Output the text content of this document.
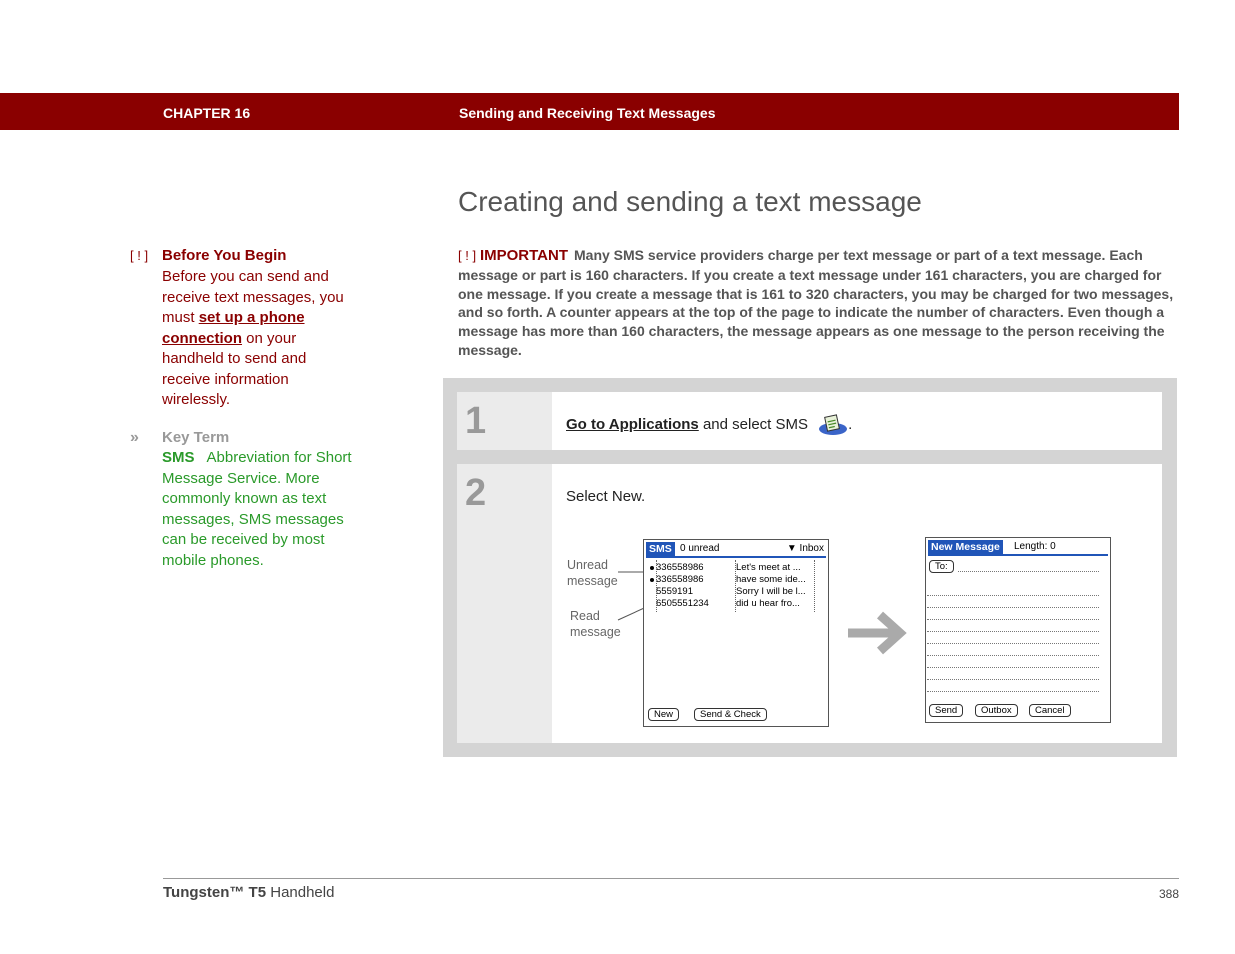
CHAPTER 16	Sending and Receiving Text Messages
Creating and sending a text message
[ ! ] Before You Begin
Before you can send and receive text messages, you must set up a phone connection on your handheld to send and receive information wirelessly.
» Key Term
SMS Abbreviation for Short Message Service. More commonly known as text messages, SMS messages can be received by most mobile phones.
[ ! ] IMPORTANT Many SMS service providers charge per text message or part of a text message. Each message or part is 160 characters. If you create a text message under 161 characters, you are charged for one message. If you create a message that is 161 to 320 characters, you may be charged for two messages, and so forth. A counter appears at the top of the page to indicate the number of characters. Even though a message has more than 160 characters, the message appears as one message to the person receiving the message.
1	Go to Applications and select SMS .
2	Select New.
Unread message
Read message
SMS 0 unread	▼ Inbox
336558986	Let's meet at ...
336558986	have some ide...
5559191	Sorry I will be l...
6505551234	did u hear fro...
New	Send & Check
New Message	Length: 0
To:
Send	Outbox	Cancel
Tungsten™ T5 Handheld	388
